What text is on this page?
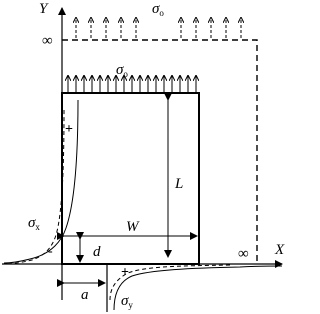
Y
X
∞
∞
$\sigma_o$
$\sigma_o$
L
W
d
a
$\sigma_x$
$\sigma_y$
+
-
+
